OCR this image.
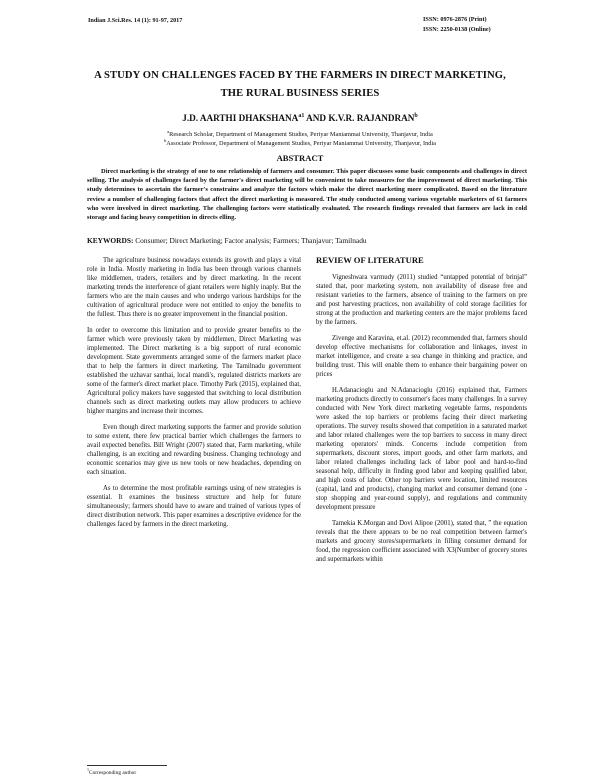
Indian J.Sci.Res. 14 (1): 91-97, 2017	ISSN: 0976-2876 (Print)
ISSN: 2250-0138 (Online)
A STUDY ON CHALLENGES FACED BY THE FARMERS IN DIRECT MARKETING,
THE RURAL BUSINESS SERIES
J.D. AARTHI $DHAKSHANA^{a1}$ AND K.V.R. RAJANDRAN$^b$
$^a$Research Scholar, Department of Management Studies, Periyar Maniammai University, Thanjavur, India
$^b$Associate Professor, Department of Management Studies, Periyar Maniammai University, Thanjavur, India
ABSTRACT

Direct marketing is the strategy of one to one relationship of farmers and consumer. This paper discusses some basic components and challenges in direct selling. The analysis of challenges faced by the farmer's direct marketing will be convenient to take measures for the improvement of direct marketing. This study determines to ascertain the farmer's constrains and analyze the factors which make the direct marketing more complicated. Based on the literature review a number of challenging factors that affect the direct marketing is measured. The study conducted among various vegetable marketers of 61 farmers who were involved in direct marketing. The challenging factors were statistically evaluated. The research findings revealed that farmers are lack in cold storage and facing heavy competition in directs elling.

KEYWORDS: Consumer; Direct Marketing; Factor analysis; Farmers; Thanjavur; Tamilnadu

The agriculture business nowadays extends its growth and plays a vital role in India. Mostly marketing in India has been through various channels like middlemen, traders, retailers and by direct marketing. In the recent marketing trends the interference of giant retailers were highly inaply. But the farmers who are the main causes and who undergo various hardships for the cultivation of agricultural produce were not entitled to enjoy the benefits to the fullest. Thus there is no greater improvement in the financial position.

In order to overcome this limitation and to provide greater benefits to the farmer which were previously taken by middlemen, Direct Marketing was implemented. The Direct marketing is a big support of rural economic development. State governments arranged some of the farmers market place that to help the farmers in direct marketing. The Tamilnadu government established the uzhavar santhai, local mandi's, regulated districts markets are some of the farmer's direct market place. Timothy Park (2015), explained that, Agricultural policy makers have suggested that switching to local distribution channels such as direct marketing outlets may allow producers to achieve higher margins and increase their incomes.

Even though direct marketing supports the farmer and provide solution to some extent, there few practical barrier which challenges the farmers to avail expected benefits. Bill Wright (2007) stated that, Farm marketing, while challenging, is an exciting and rewarding business. Changing technology and economic scenarios may give us new tools or new headaches, depending on each situation.

As to determine the most profitable earnings using of new strategies is essential. It examines the business structure and help for future simultaneously; farmers should have to aware and trained of various types of direct distribution network. This paper examines a descriptive evidence for the challenges faced by farmers in the direct marketing.

REVIEW OF LITERATURE

Vigneshwara varmudy (2011) studied “untapped potential of brinjal” stated that, poor marketing system, non availability of disease free and resistant varieties to the farmers, absence of training to the farmers on pre and post harvesting practices, non availability of cold storage facilities for strong at the production and marketing centers are the major problems faced by the farmers.

Zivenge and Karavina, et.al. (2012) recommended that, farmers should develop effective mechanisms for collaboration and linkages, invest in market intelligence, and create a sea change in thinking and practice, and building trust. This will enable them to enhance their bargaining power on prices

H.Adanacioglu and N.Adanacioglu (2016) explained that, Farmers marketing products directly to consumer's faces many challenges. In a survey conducted with New York direct marketing vegetable farms, respondents were asked the top barriers or problems facing their direct marketing operations. The survey results showed that competition in a saturated market and labor related challenges were the top barriers to success in many direct marketing operators' minds. Concerns include competition from supermarkets, discount stores, import goods, and other farm markets, and labor related challenges including lack of labor pool and hard-to-find seasonal help, difficulty in finding good labor and keeping qualified labor, and high costs of labor. Other top barriers were location, limited resources (capital, land and products), changing market and consumer demand (one - stop shopping and year-round supply), and regulations and community development pressure

Tamekia K.Morgan and Dovi Alipoe (2001), stated that, ” the equation reveals that the there appears to be no real competition between farmer's markets and grocery stores/supermarkets in filling consumer demand for food, the regression coefficient associated with X3(Number of grocery stores and supermarkets within

$^1$Corresponding author
